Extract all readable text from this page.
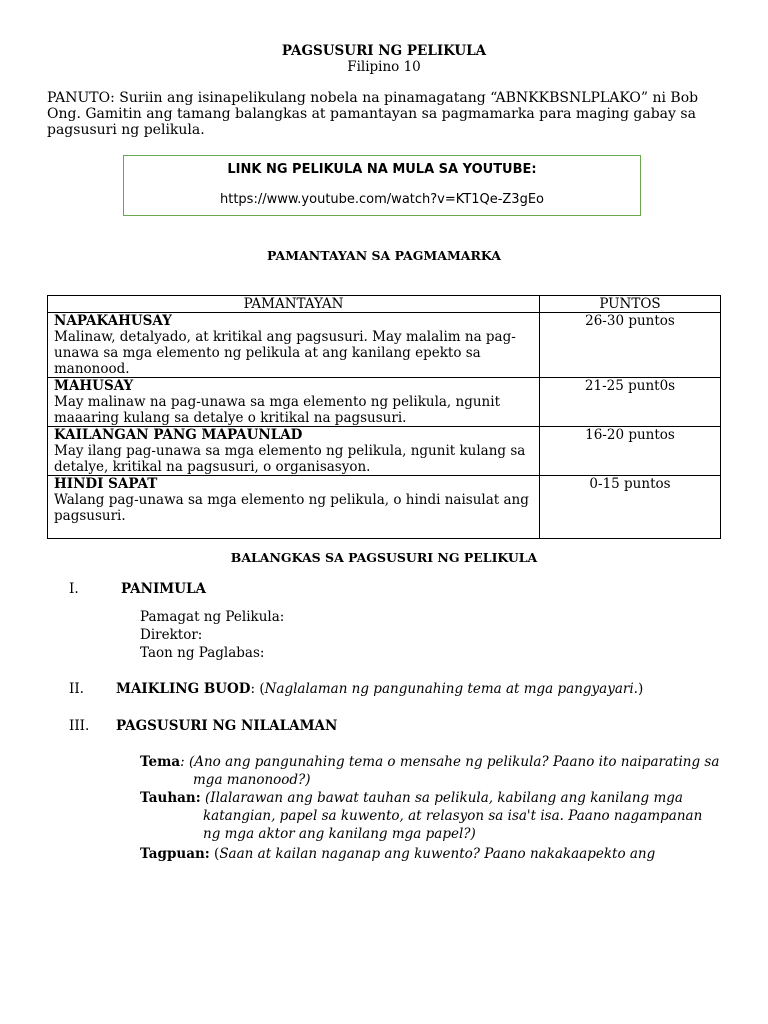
PAGSUSURI NG PELIKULA
Filipino 10
PANUTO: Suriin ang isinapelikulang nobela na pinamagatang “ABNKKBSNLPLAKO” ni Bob Ong. Gamitin ang tamang balangkas at pamantayan sa pagmamarka para maging gabay sa pagsusuri ng pelikula.
LINK NG PELIKULA NA MULA SA YOUTUBE:
https://www.youtube.com/watch?v=KT1Qe-Z3gEo
PAMANTAYAN SA PAGMAMARKA
PAMANTAYAN	PUNTOS

NAPAKAHUSAY
Malinaw, detalyado, at kritikal ang pagsusuri. May malalim na pag-unawa sa mga elemento ng pelikula at ang kanilang epekto sa manonood.	26-30 puntos

MAHUSAY
May malinaw na pag-unawa sa mga elemento ng pelikula, ngunit maaaring kulang sa detalye o kritikal na pagsusuri.	21-25 punt0s

KAILANGAN PANG MAPAUNLAD
May ilang pag-unawa sa mga elemento ng pelikula, ngunit kulang sa detalye, kritikal na pagsusuri, o organisasyon.	16-20 puntos

HINDI SAPAT
Walang pag-unawa sa mga elemento ng pelikula, o hindi naisulat ang pagsusuri.	0-15 puntos
BALANGKAS SA PAGSUSURI NG PELIKULA
I.	PANIMULA
Pamagat ng Pelikula:
Direktor:
Taon ng Paglabas:
II. MAIKLING BUOD: (Naglalaman ng pangunahing tema at mga pangyayari.)
III. PAGSUSURI NG NILALAMAN
Tema: (Ano ang pangunahing tema o mensahe ng pelikula? Paano ito naiparating sa
mga manonood?)
Tauhan: (Ilalarawan ang bawat tauhan sa pelikula, kabilang ang kanilang mga
katangian, papel sa kuwento, at relasyon sa isa't isa. Paano nagampanan
ng mga aktor ang kanilang mga papel?)
Tagpuan: (Saan at kailan naganap ang kuwento? Paano nakakaapekto ang
